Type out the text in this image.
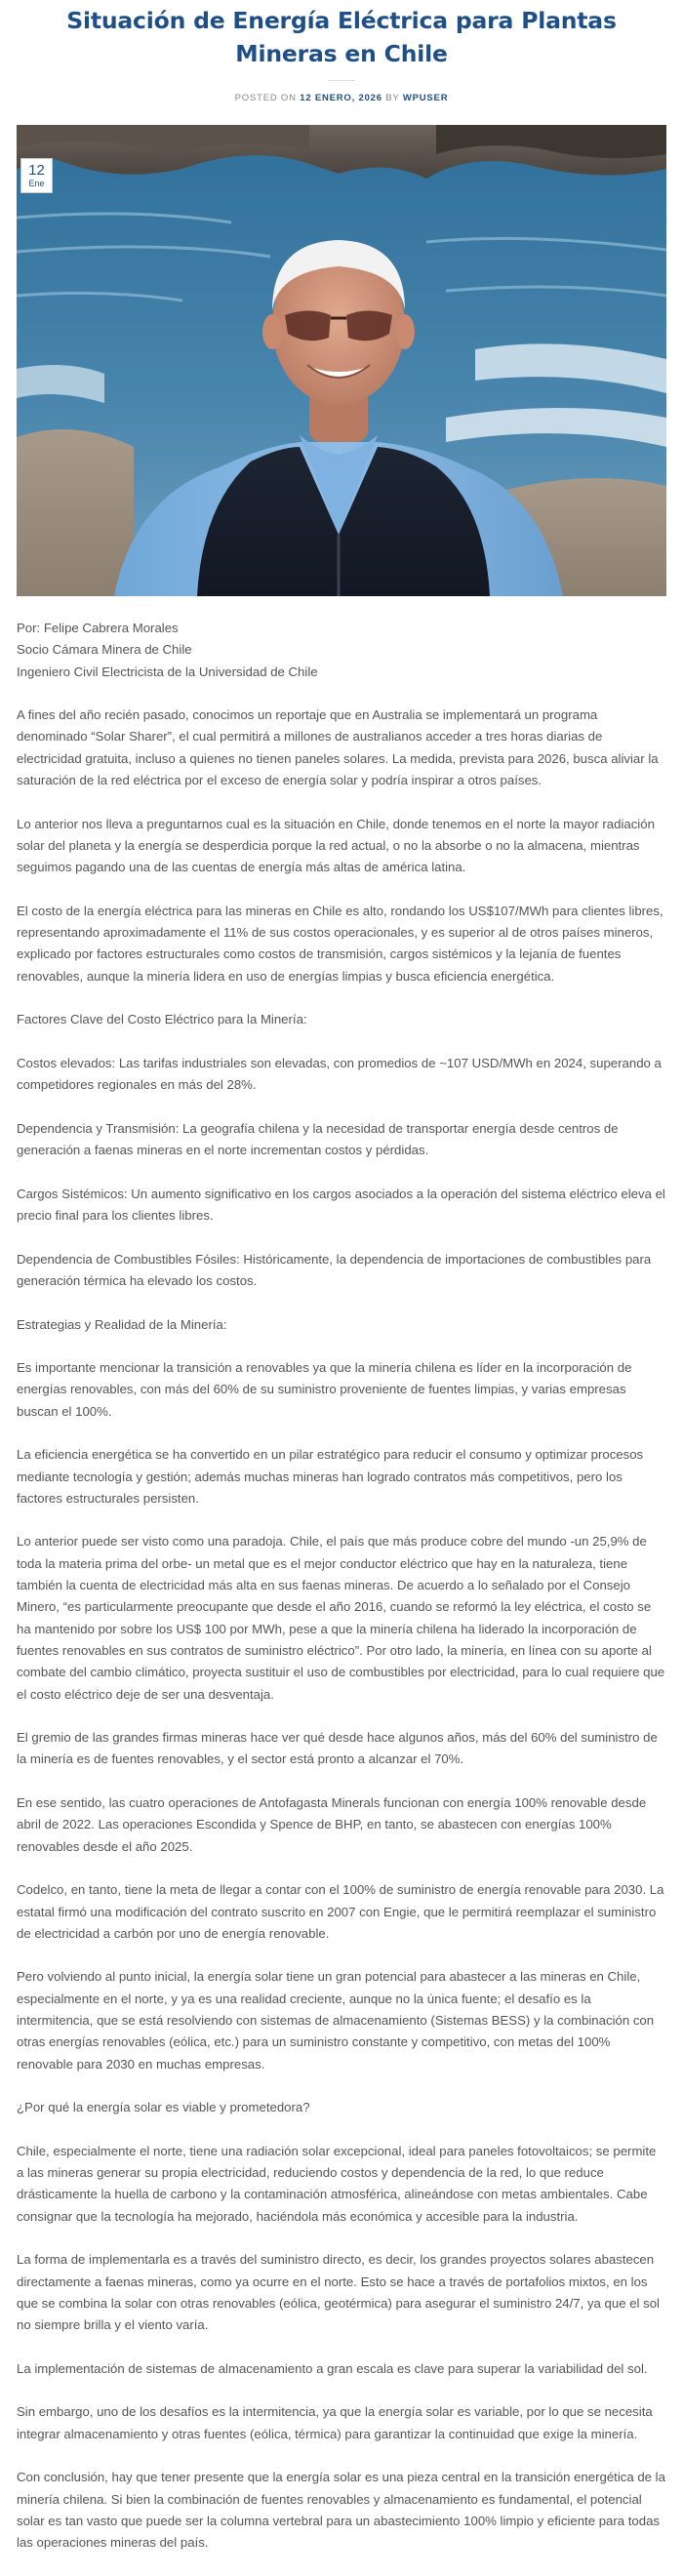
Situación de Energía Eléctrica para Plantas Mineras en Chile
POSTED ON 12 ENERO, 2026 BY WPUSER
12
Ene

Por: Felipe Cabrera Morales
Socio Cámara Minera de Chile
Ingeniero Civil Electricista de la Universidad de Chile

A fines del año recién pasado, conocimos un reportaje que en Australia se implementará un programa denominado “Solar Sharer”, el cual permitirá a millones de australianos acceder a tres horas diarias de electricidad gratuita, incluso a quienes no tienen paneles solares. La medida, prevista para 2026, busca aliviar la saturación de la red eléctrica por el exceso de energía solar y podría inspirar a otros países.

Lo anterior nos lleva a preguntarnos cual es la situación en Chile, donde tenemos en el norte la mayor radiación solar del planeta y la energía se desperdicia porque la red actual, o no la absorbe o no la almacena, mientras seguimos pagando una de las cuentas de energía más altas de américa latina.

El costo de la energía eléctrica para las mineras en Chile es alto, rondando los US$107/MWh para clientes libres, representando aproximadamente el 11% de sus costos operacionales, y es superior al de otros países mineros, explicado por factores estructurales como costos de transmisión, cargos sistémicos y la lejanía de fuentes renovables, aunque la minería lidera en uso de energías limpias y busca eficiencia energética.

Factores Clave del Costo Eléctrico para la Minería:

Costos elevados: Las tarifas industriales son elevadas, con promedios de ~107 USD/MWh en 2024, superando a competidores regionales en más del 28%.

Dependencia y Transmisión: La geografía chilena y la necesidad de transportar energía desde centros de generación a faenas mineras en el norte incrementan costos y pérdidas.

Cargos Sistémicos: Un aumento significativo en los cargos asociados a la operación del sistema eléctrico eleva el precio final para los clientes libres.

Dependencia de Combustibles Fósiles: Históricamente, la dependencia de importaciones de combustibles para generación térmica ha elevado los costos.

Estrategias y Realidad de la Minería:

Es importante mencionar la transición a renovables ya que la minería chilena es líder en la incorporación de energías renovables, con más del 60% de su suministro proveniente de fuentes limpias, y varias empresas buscan el 100%.

La eficiencia energética se ha convertido en un pilar estratégico para reducir el consumo y optimizar procesos mediante tecnología y gestión; además muchas mineras han logrado contratos más competitivos, pero los factores estructurales persisten.

Lo anterior puede ser visto como una paradoja. Chile, el país que más produce cobre del mundo -un 25,9% de toda la materia prima del orbe- un metal que es el mejor conductor eléctrico que hay en la naturaleza, tiene también la cuenta de electricidad más alta en sus faenas mineras. De acuerdo a lo señalado por el Consejo Minero, “es particularmente preocupante que desde el año 2016, cuando se reformó la ley eléctrica, el costo se ha mantenido por sobre los US$ 100 por MWh, pese a que la minería chilena ha liderado la incorporación de fuentes renovables en sus contratos de suministro eléctrico”. Por otro lado, la minería, en línea con su aporte al combate del cambio climático, proyecta sustituir el uso de combustibles por electricidad, para lo cual requiere que el costo eléctrico deje de ser una desventaja.

El gremio de las grandes firmas mineras hace ver qué desde hace algunos años, más del 60% del suministro de la minería es de fuentes renovables, y el sector está pronto a alcanzar el 70%.

En ese sentido, las cuatro operaciones de Antofagasta Minerals funcionan con energía 100% renovable desde abril de 2022. Las operaciones Escondida y Spence de BHP, en tanto, se abastecen con energías 100% renovables desde el año 2025.

Codelco, en tanto, tiene la meta de llegar a contar con el 100% de suministro de energía renovable para 2030. La estatal firmó una modificación del contrato suscrito en 2007 con Engie, que le permitirá reemplazar el suministro de electricidad a carbón por uno de energía renovable.

Pero volviendo al punto inicial, la energía solar tiene un gran potencial para abastecer a las mineras en Chile, especialmente en el norte, y ya es una realidad creciente, aunque no la única fuente; el desafío es la intermitencia, que se está resolviendo con sistemas de almacenamiento (Sistemas BESS) y la combinación con otras energías renovables (eólica, etc.) para un suministro constante y competitivo, con metas del 100% renovable para 2030 en muchas empresas.

¿Por qué la energía solar es viable y prometedora?

Chile, especialmente el norte, tiene una radiación solar excepcional, ideal para paneles fotovoltaicos; se permite a las mineras generar su propia electricidad, reduciendo costos y dependencia de la red, lo que reduce drásticamente la huella de carbono y la contaminación atmosférica, alineándose con metas ambientales. Cabe consignar que la tecnología ha mejorado, haciéndola más económica y accesible para la industria.

La forma de implementarla es a través del suministro directo, es decir, los grandes proyectos solares abastecen directamente a faenas mineras, como ya ocurre en el norte. Esto se hace a través de portafolios mixtos, en los que se combina la solar con otras renovables (eólica, geotérmica) para asegurar el suministro 24/7, ya que el sol no siempre brilla y el viento varía.

La implementación de sistemas de almacenamiento a gran escala es clave para superar la variabilidad del sol.

Sin embargo, uno de los desafíos es la intermitencia, ya que la energía solar es variable, por lo que se necesita integrar almacenamiento y otras fuentes (eólica, térmica) para garantizar la continuidad que exige la minería.

Con conclusión, hay que tener presente que la energía solar es una pieza central en la transición energética de la minería chilena. Si bien la combinación de fuentes renovables y almacenamiento es fundamental, el potencial solar es tan vasto que puede ser la columna vertebral para un abastecimiento 100% limpio y eficiente para todas las operaciones mineras del país.
